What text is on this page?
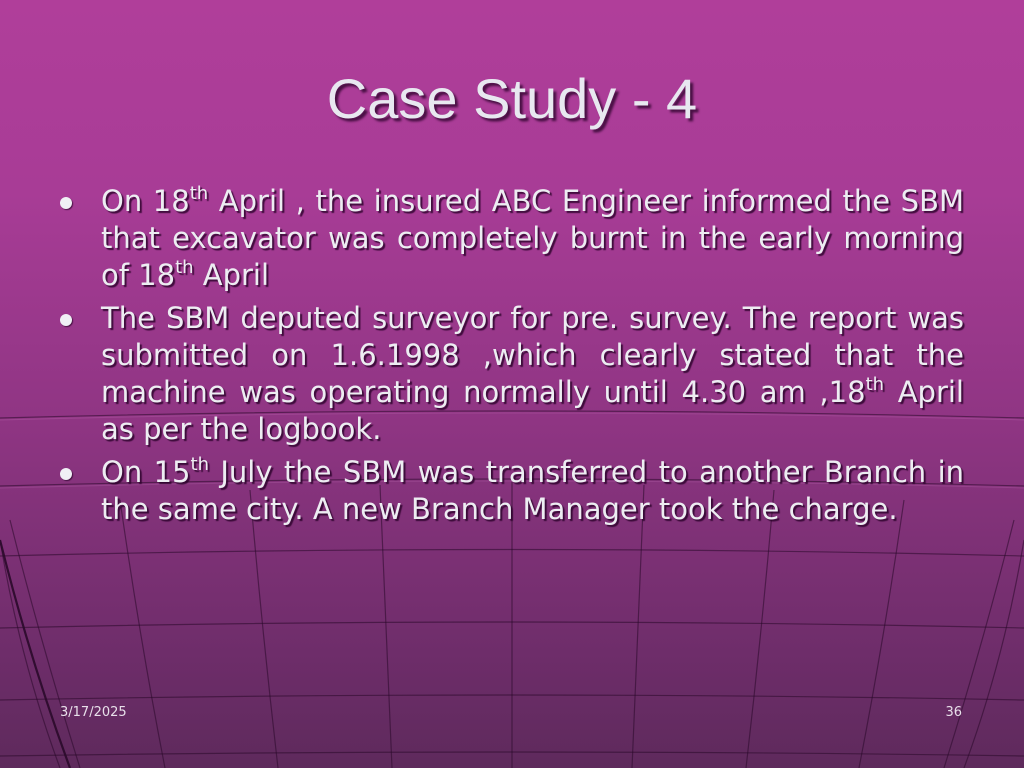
Case Study - 4
On 18th April , the insured ABC Engineer informed the SBM that excavator was completely burnt in the early morning of 18th April
The SBM deputed surveyor for pre. survey. The report was submitted on 1.6.1998 ,which clearly stated that the machine was operating normally until 4.30 am ,18th April as per the logbook.
On 15th July the SBM was transferred to another Branch in the same city. A new Branch Manager took the charge.
3/17/2025	36
